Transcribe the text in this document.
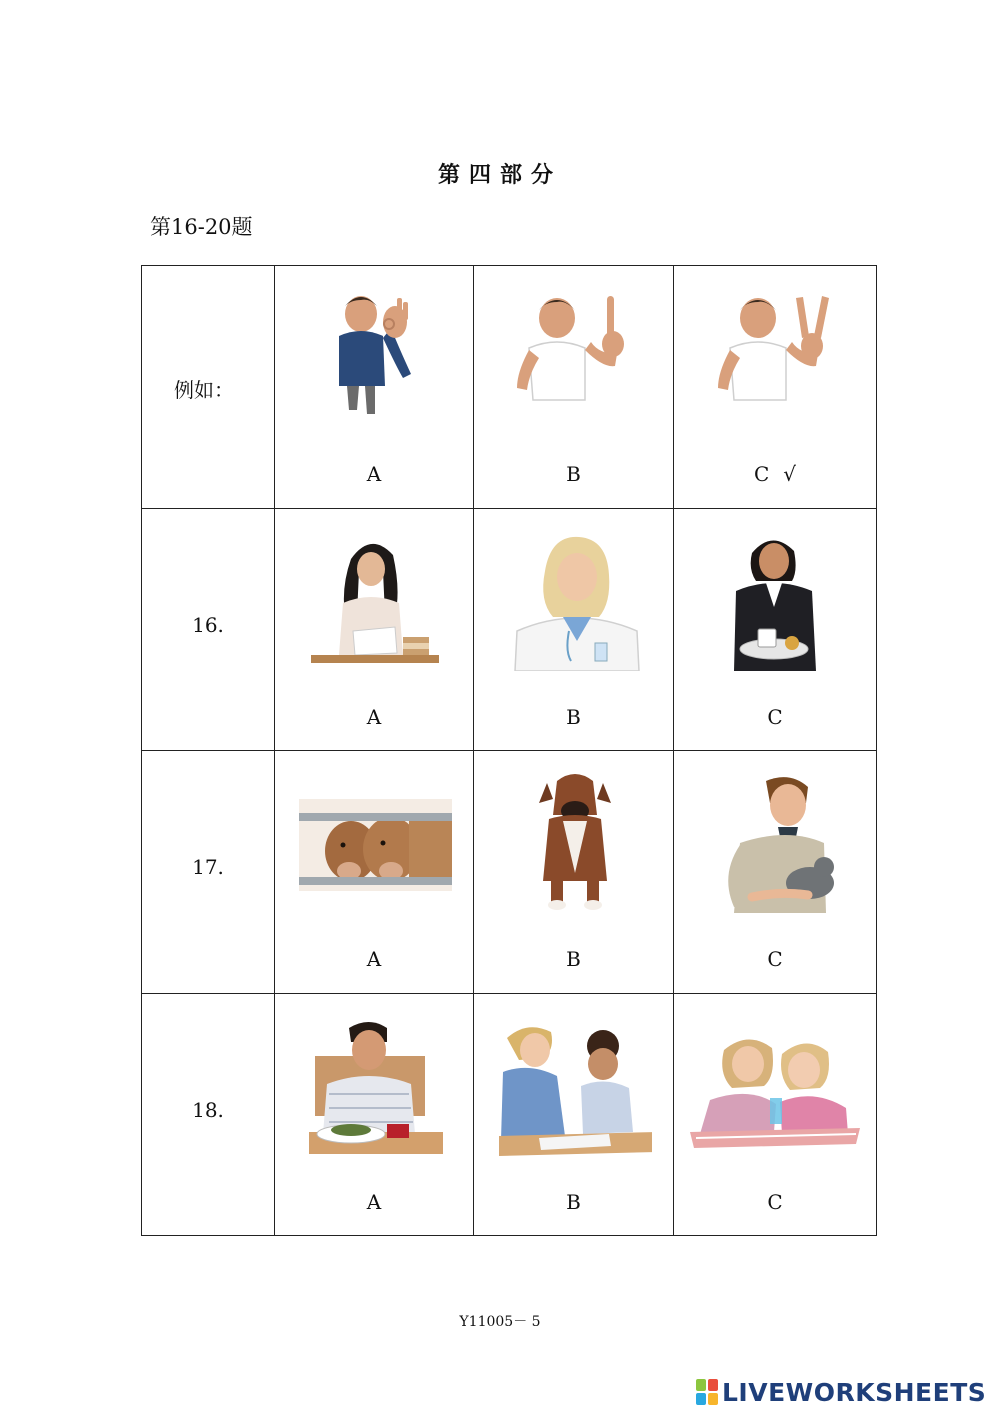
第四部分
第16-20题
例如：	A	B	C √

16.	A	B	C

17.	A	B	C

18.	A	B	C
Y11005－ 5
LIVEWORKSHEETS
